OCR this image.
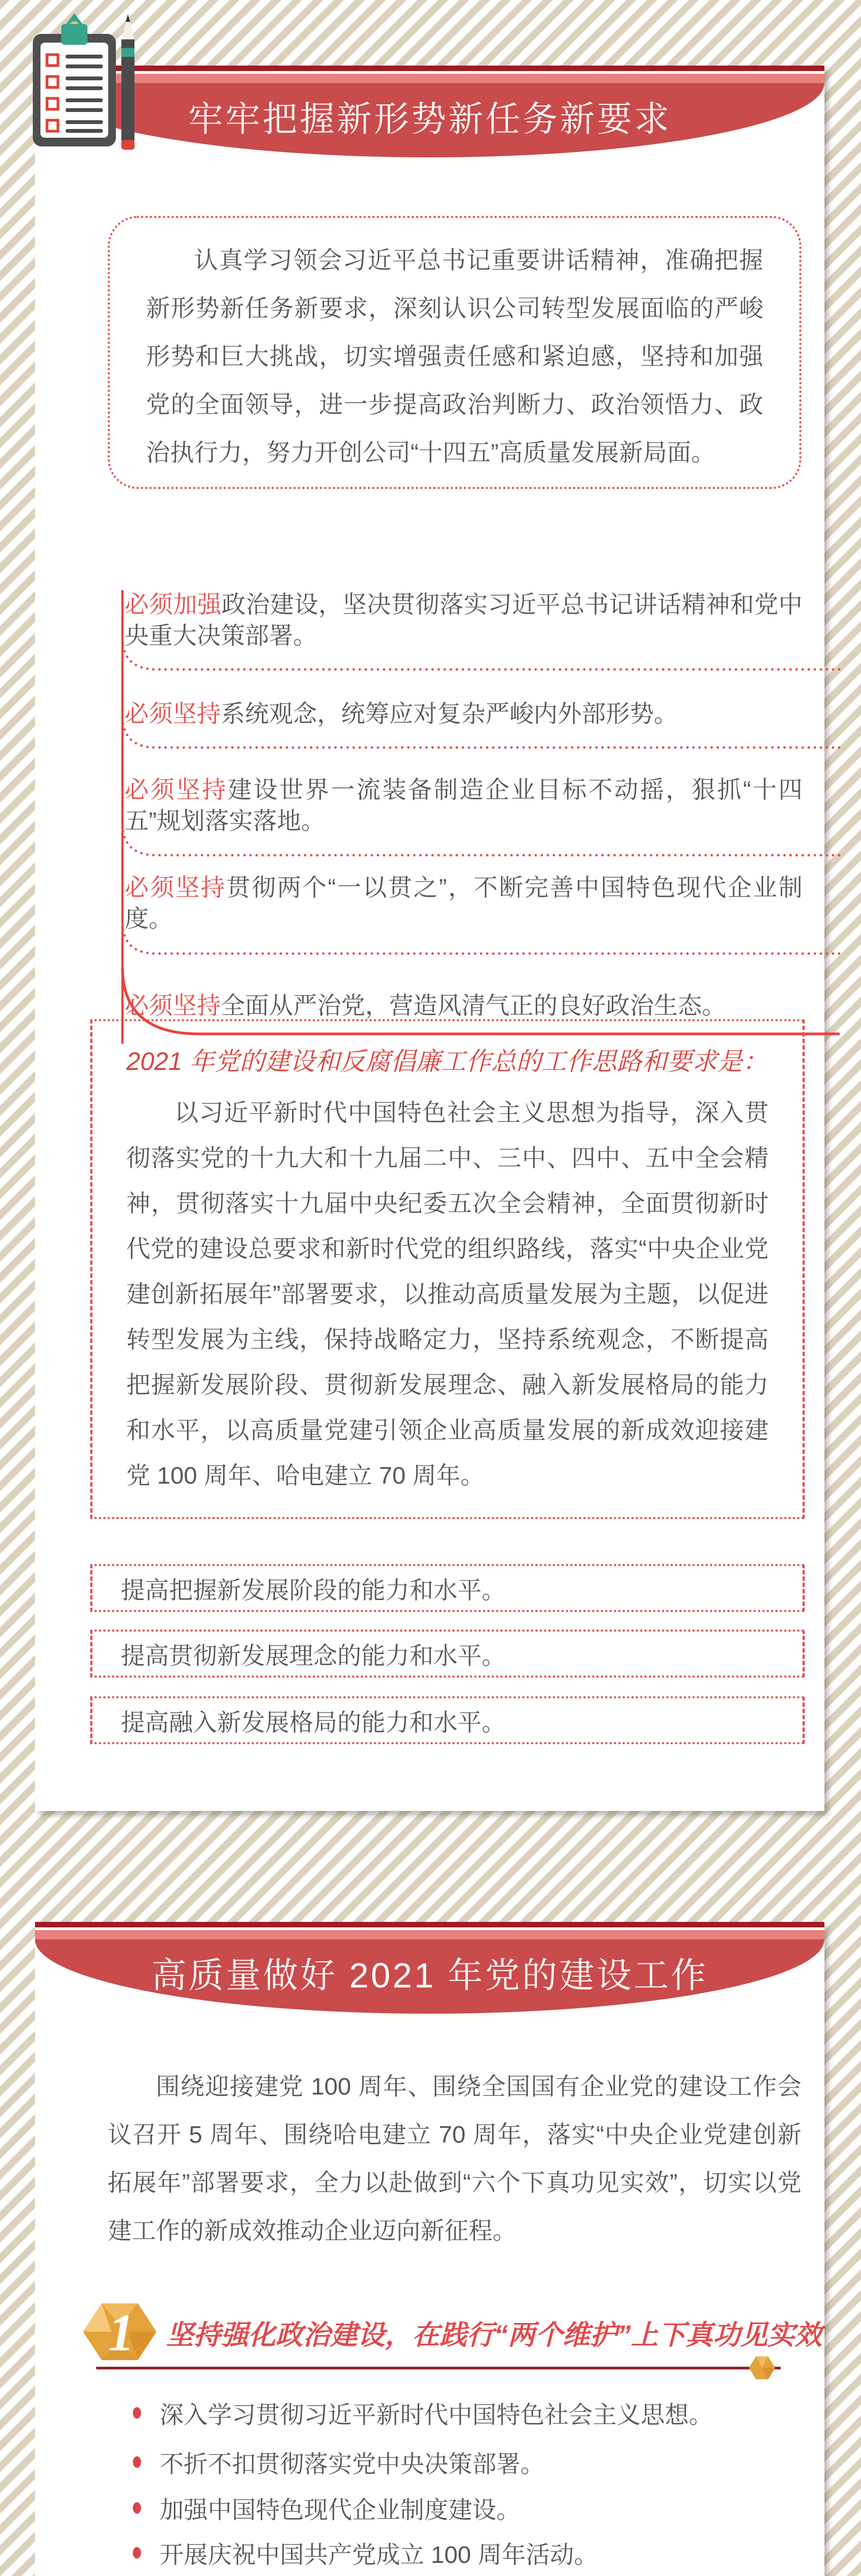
牢牢把握新形势新任务新要求
认真学习领会习近平总书记重要讲话精神，准确把握新形势新任务新要求，深刻认识公司转型发展面临的严峻形势和巨大挑战，切实增强责任感和紧迫感，坚持和加强党的全面领导，进一步提高政治判断力、政治领悟力、政治执行力，努力开创公司“十四五”高质量发展新局面。
必须加强政治建设，坚决贯彻落实习近平总书记讲话精神和党中央重大决策部署。
必须坚持系统观念，统筹应对复杂严峻内外部形势。
必须坚持建设世界一流装备制造企业目标不动摇，狠抓“十四五”规划落实落地。
必须坚持贯彻两个“一以贯之”，不断完善中国特色现代企业制度。
必须坚持全面从严治党，营造风清气正的良好政治生态。
2021 年党的建设和反腐倡廉工作总的工作思路和要求是：
以习近平新时代中国特色社会主义思想为指导，深入贯彻落实党的十九大和十九届二中、三中、四中、五中全会精神，贯彻落实十九届中央纪委五次全会精神，全面贯彻新时代党的建设总要求和新时代党的组织路线，落实“中央企业党建创新拓展年”部署要求，以推动高质量发展为主题，以促进转型发展为主线，保持战略定力，坚持系统观念，不断提高把握新发展阶段、贯彻新发展理念、融入新发展格局的能力和水平，以高质量党建引领企业高质量发展的新成效迎接建党 100 周年、哈电建立 70 周年。
提高把握新发展阶段的能力和水平。
提高贯彻新发展理念的能力和水平。
提高融入新发展格局的能力和水平。
高质量做好 2021 年党的建设工作
围绕迎接建党 100 周年、围绕全国国有企业党的建设工作会议召开 5 周年、围绕哈电建立 70 周年，落实“中央企业党建创新拓展年”部署要求，全力以赴做到“六个下真功见实效”，切实以党建工作的新成效推动企业迈向新征程。
1 坚持强化政治建设，在践行“两个维护”上下真功见实效
深入学习贯彻习近平新时代中国特色社会主义思想。
不折不扣贯彻落实党中央决策部署。
加强中国特色现代企业制度建设。
开展庆祝中国共产党成立 100 周年活动。
